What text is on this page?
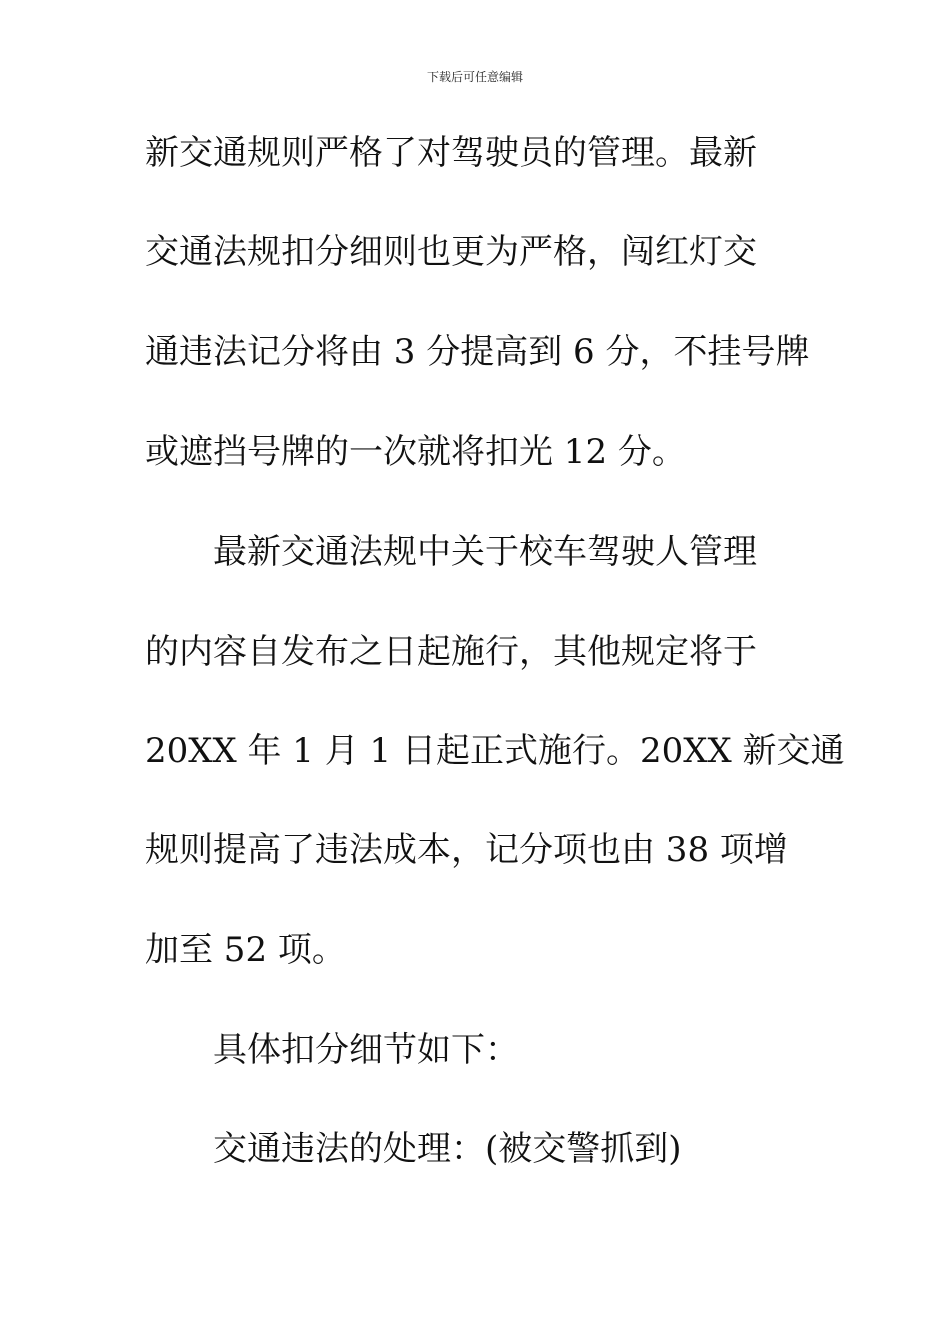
下载后可任意编辑
新交通规则严格了对驾驶员的管理。最新
交通法规扣分细则也更为严格，闯红灯交
通违法记分将由 3 分提高到 6 分，不挂号牌
或遮挡号牌的一次就将扣光 12 分。
最新交通法规中关于校车驾驶人管理
的内容自发布之日起施行，其他规定将于
20XX 年 1 月 1 日起正式施行。20XX 新交通
规则提高了违法成本，记分项也由 38 项增
加至 52 项。
具体扣分细节如下：
交通违法的处理：(被交警抓到)
